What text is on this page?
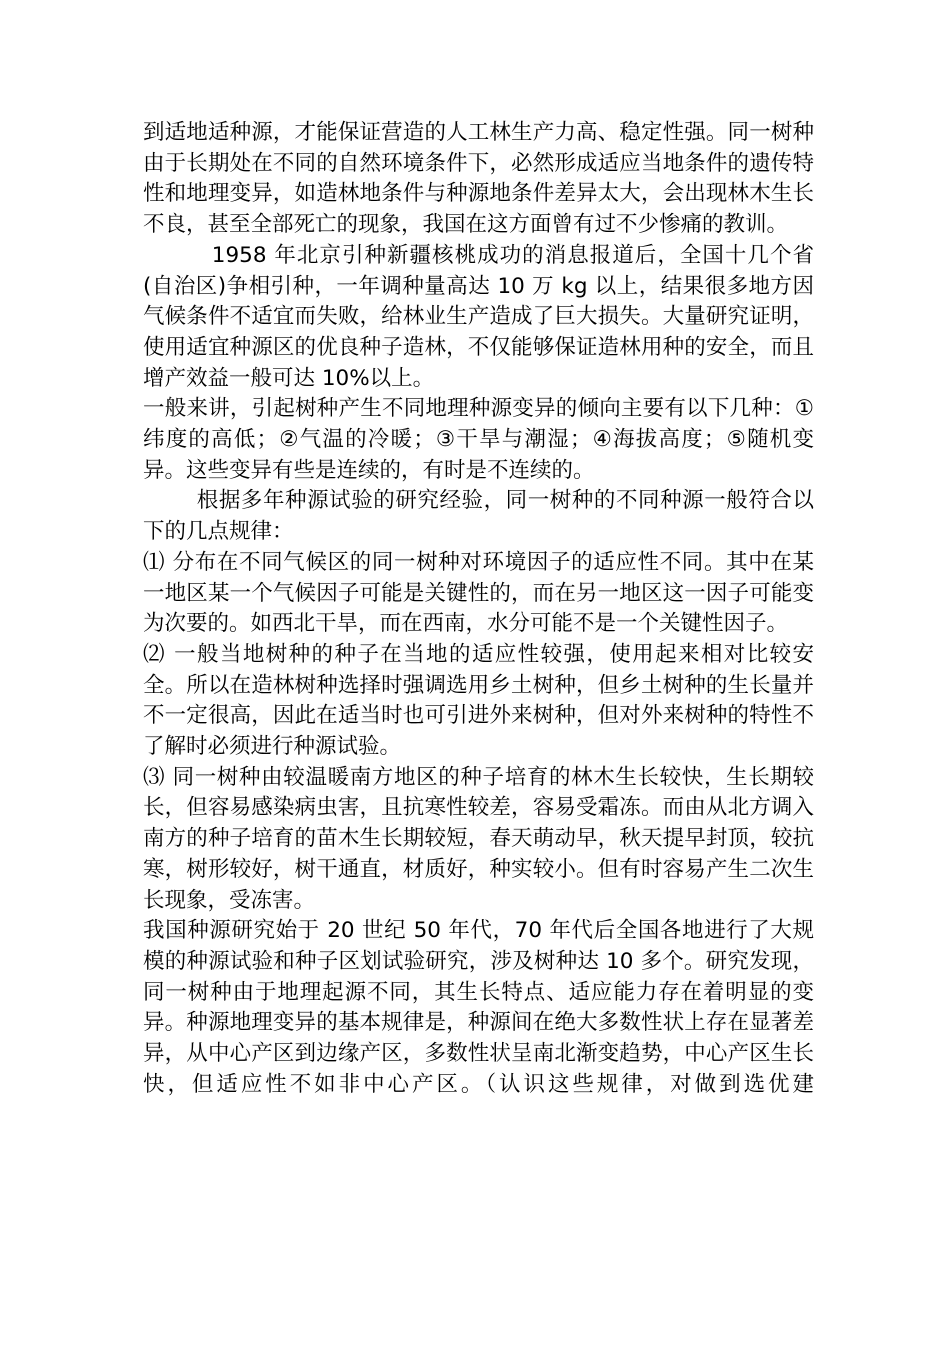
到适地适种源，才能保证营造的人工林生产力高、稳定性强。同一树种由于长期处在不同的自然环境条件下，必然形成适应当地条件的遗传特性和地理变异，如造林地条件与种源地条件差异太大，会出现林木生长不良，甚至全部死亡的现象，我国在这方面曾有过不少惨痛的教训。

1958 年北京引种新疆核桃成功的消息报道后，全国十几个省(自治区)争相引种，一年调种量高达 10 万 kg 以上，结果很多地方因气候条件不适宜而失败，给林业生产造成了巨大损失。大量研究证明，使用适宜种源区的优良种子造林，不仅能够保证造林用种的安全，而且增产效益一般可达 10%以上。

一般来讲，引起树种产生不同地理种源变异的倾向主要有以下几种：①纬度的高低；②气温的冷暖；③干旱与潮湿；④海拔高度；⑤随机变异。这些变异有些是连续的，有时是不连续的。

根据多年种源试验的研究经验，同一树种的不同种源一般符合以下的几点规律：

⑴ 分布在不同气候区的同一树种对环境因子的适应性不同。其中在某一地区某一个气候因子可能是关键性的，而在另一地区这一因子可能变为次要的。如西北干旱，而在西南，水分可能不是一个关键性因子。

⑵ 一般当地树种的种子在当地的适应性较强，使用起来相对比较安全。所以在造林树种选择时强调选用乡土树种，但乡土树种的生长量并不一定很高，因此在适当时也可引进外来树种，但对外来树种的特性不了解时必须进行种源试验。

⑶ 同一树种由较温暖南方地区的种子培育的林木生长较快，生长期较长，但容易感染病虫害，且抗寒性较差，容易受霜冻。而由从北方调入南方的种子培育的苗木生长期较短，春天萌动早，秋天提早封顶，较抗寒，树形较好，树干通直，材质好，种实较小。但有时容易产生二次生长现象，受冻害。

我国种源研究始于 20 世纪 50 年代，70 年代后全国各地进行了大规模的种源试验和种子区划试验研究，涉及树种达 10 多个。研究发现，同一树种由于地理起源不同，其生长特点、适应能力存在着明显的变异。种源地理变异的基本规律是，种源间在绝大多数性状上存在显著差异，从中心产区到边缘产区，多数性状呈南北渐变趋势，中心产区生长快，但适应性不如非中心产区。（认识这些规律，对做到选优建
